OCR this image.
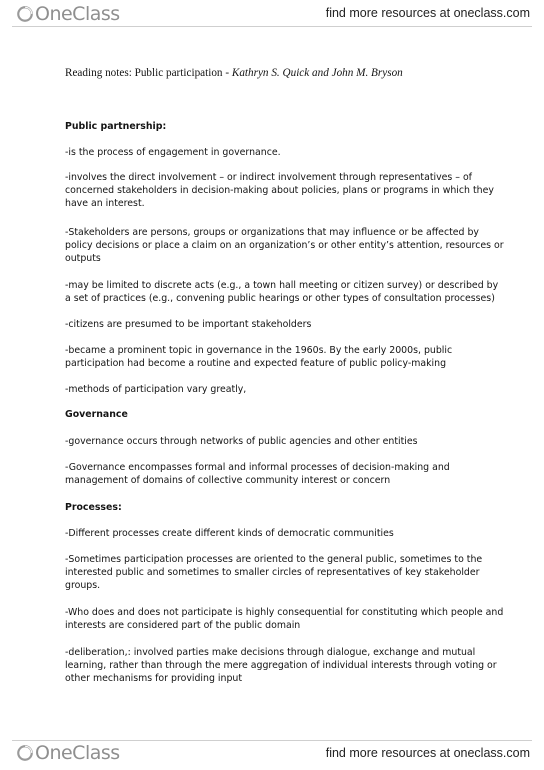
OneClass	find more resources at oneclass.com
Reading notes: Public participation - Kathryn S. Quick and John M. Bryson
Public partnership:
-is the process of engagement in governance.
-involves the direct involvement – or indirect involvement through representatives – of concerned stakeholders in decision-making about policies, plans or programs in which they have an interest.
-Stakeholders are persons, groups or organizations that may influence or be affected by policy decisions or place a claim on an organization’s or other entity’s attention, resources or outputs
-may be limited to discrete acts (e.g., a town hall meeting or citizen survey) or described by a set of practices (e.g., convening public hearings or other types of consultation processes)
-citizens are presumed to be important stakeholders
-became a prominent topic in governance in the 1960s. By the early 2000s, public participation had become a routine and expected feature of public policy-making
-methods of participation vary greatly,
Governance
-governance occurs through networks of public agencies and other entities
-Governance encompasses formal and informal processes of decision-making and management of domains of collective community interest or concern
Processes:
-Different processes create different kinds of democratic communities
-Sometimes participation processes are oriented to the general public, sometimes to the interested public and sometimes to smaller circles of representatives of key stakeholder groups.
-Who does and does not participate is highly consequential for constituting which people and interests are considered part of the public domain
-deliberation,: involved parties make decisions through dialogue, exchange and mutual learning, rather than through the mere aggregation of individual interests through voting or other mechanisms for providing input
OneClass	find more resources at oneclass.com
